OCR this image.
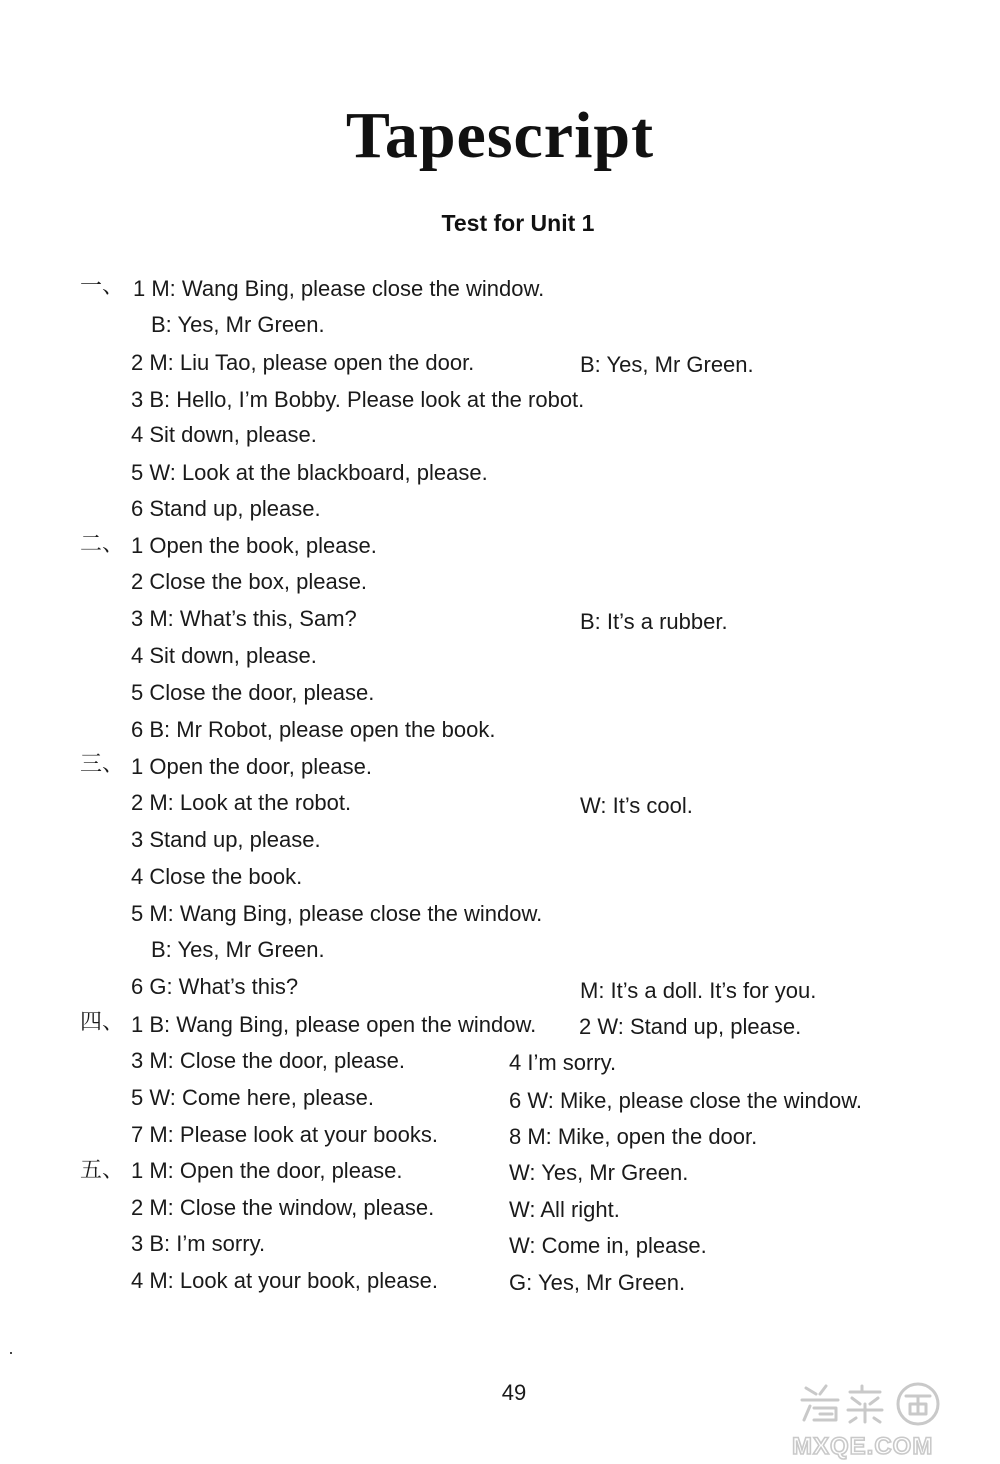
Tapescript
Test for Unit 1
一、 1 M: Wang Bing, please close the window.
B: Yes, Mr Green.
2 M: Liu Tao, please open the door.	B: Yes, Mr Green.
3 B: Hello, I’m Bobby. Please look at the robot.
4 Sit down, please.
5 W: Look at the blackboard, please.
6 Stand up, please.
二、 1 Open the book, please.
2 Close the box, please.
3 M: What’s this, Sam?	B: It’s a rubber.
4 Sit down, please.
5 Close the door, please.
6 B: Mr Robot, please open the book.
三、 1 Open the door, please.
2 M: Look at the robot.	W: It’s cool.
3 Stand up, please.
4 Close the book.
5 M: Wang Bing, please close the window.
B: Yes, Mr Green.
6 G: What’s this?	M: It’s a doll. It’s for you.
四、 1 B: Wang Bing, please open the window. 2 W: Stand up, please.
3 M: Close the door, please.	4 I’m sorry.
5 W: Come here, please.	6 W: Mike, please close the window.
7 M: Please look at your books.	8 M: Mike, open the door.
五、 1 M: Open the door, please.	W: Yes, Mr Green.
2 M: Close the window, please.	W: All right.
3 B: I’m sorry.	W: Come in, please.
4 M: Look at your book, please.	G: Yes, Mr Green.
49
MXQE.COM
